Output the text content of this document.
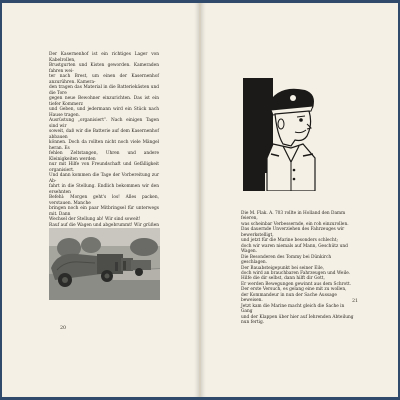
Der Kasernenhof ist ein richtiges Lager von Kabelrollen,
Brustgurten und Kisten geworden. Kameraden fahren wei-
ter nach Brest, um einen der Kasernenhof anzurühren. Kamera-
den tragen das Material in die Batteriekästen und die Tore
gegen neue Bewohner einzurichten. Das ist ein tiefer Kommerz
und Geben, und jedermann wird ein Stück nach Hause tragen.
Ausrüstung „organisiert“. Nach einigen Tagen sind wir
soweit, daß wir die Batterie auf dem Kasernenhof abbauen
können. Doch da rollten nicht noch viele Mängel heran. Es
fehlen Zeltstangen, Uhren und andere Kleinigkeiten werden
nur mit Hilfe von Freundschaft und Gefälligkeit organisiert.
Und dann kommen die Tage der Vorbereitung zur Ab-
fahrt in die Stellung. Endlich bekommen wir den ersehnten
Befehl: Morgen geht's los! Alles packen, verstauen. Manche
bringen noch ein paar Mitbringsel für unterwegs mit. Dann
Wechsel der Stellung ab! Wir sind soweit!
Rauf auf die Wagen und abgebrummt! Wir grüßen

20
Die M. Flak. A. 703 rollte in Holland den Damm feieren,
was scheinbar Verbessernde, ein roh einzurollen.
Das dauernde Unverziehen des Fahrzeuges wir bewerkstelligt,
und jetzt für die Marine besonders schlecht;
doch wir waren niemals auf Mann, Geschütz und Wagen.
Die Besonderen des Tommy bei Dünkirch geschlagen.
Der Bauabsteigepunkt bei seiner Eile,
doch wird an brauchbaren Fahrzeugen und Weile.
Hilfe die dir selbst, dann hilft dir Gott,
Er werden Bewegungen gewinnt aus dem Schrott.
Der erste Versuch, es gelang eine mit zu wollen,
der Kommandeur in nun der Sache Aussage beweisen.
Jetzt kam die Marine macht gleich die Sache in Gang
und der Klappen über hier auf Iehrenden Abteilung nun fertig.
21
